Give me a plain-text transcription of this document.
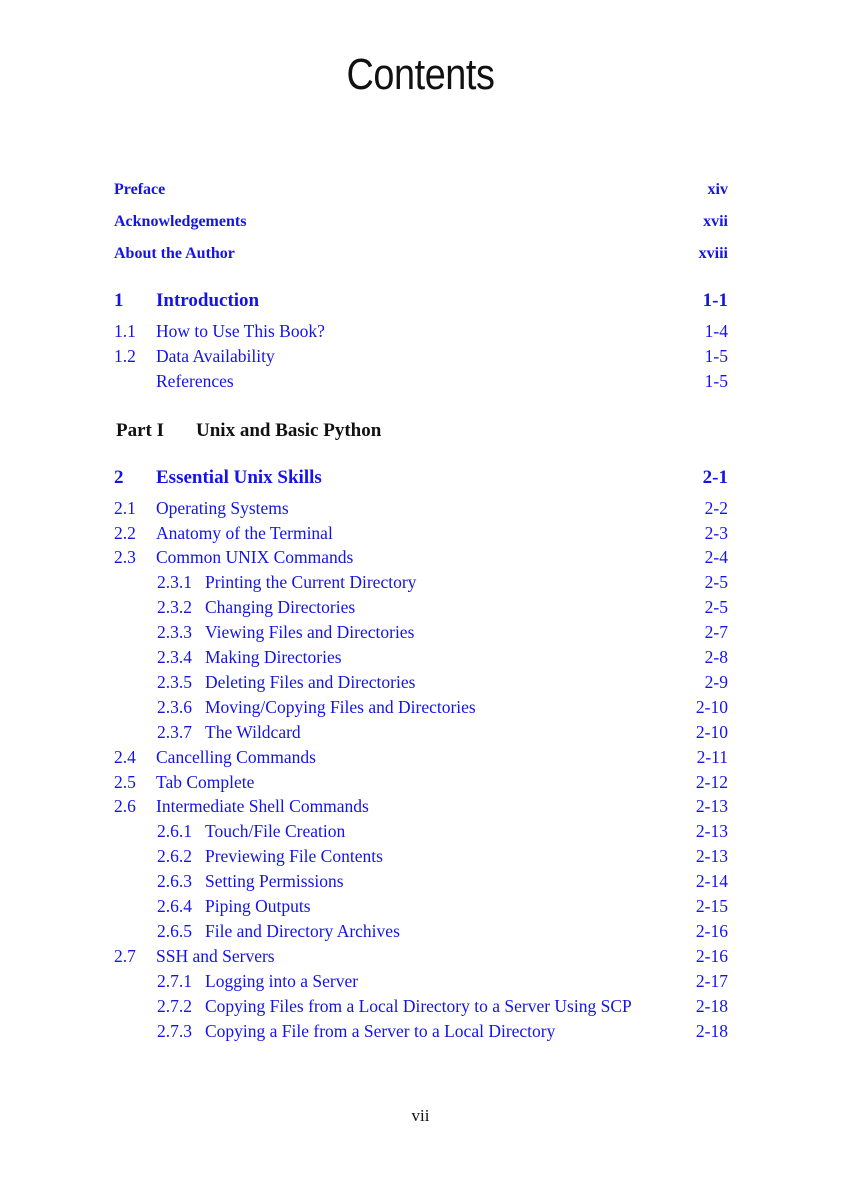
Contents
Preface	xiv
Acknowledgements	xvii
About the Author	xviii
1 Introduction	1-1
1.1 How to Use This Book?	1-4
1.2 Data Availability	1-5
References	1-5
Part I Unix and Basic Python
2 Essential Unix Skills	2-1
2.1 Operating Systems	2-2
2.2 Anatomy of the Terminal	2-3
2.3 Common UNIX Commands	2-4
2.3.1 Printing the Current Directory	2-5
2.3.2 Changing Directories	2-5
2.3.3 Viewing Files and Directories	2-7
2.3.4 Making Directories	2-8
2.3.5 Deleting Files and Directories	2-9
2.3.6 Moving/Copying Files and Directories	2-10
2.3.7 The Wildcard	2-10
2.4 Cancelling Commands	2-11
2.5 Tab Complete	2-12
2.6 Intermediate Shell Commands	2-13
2.6.1 Touch/File Creation	2-13
2.6.2 Previewing File Contents	2-13
2.6.3 Setting Permissions	2-14
2.6.4 Piping Outputs	2-15
2.6.5 File and Directory Archives	2-16
2.7 SSH and Servers	2-16
2.7.1 Logging into a Server	2-17
2.7.2 Copying Files from a Local Directory to a Server Using SCP	2-18
2.7.3 Copying a File from a Server to a Local Directory	2-18
vii
